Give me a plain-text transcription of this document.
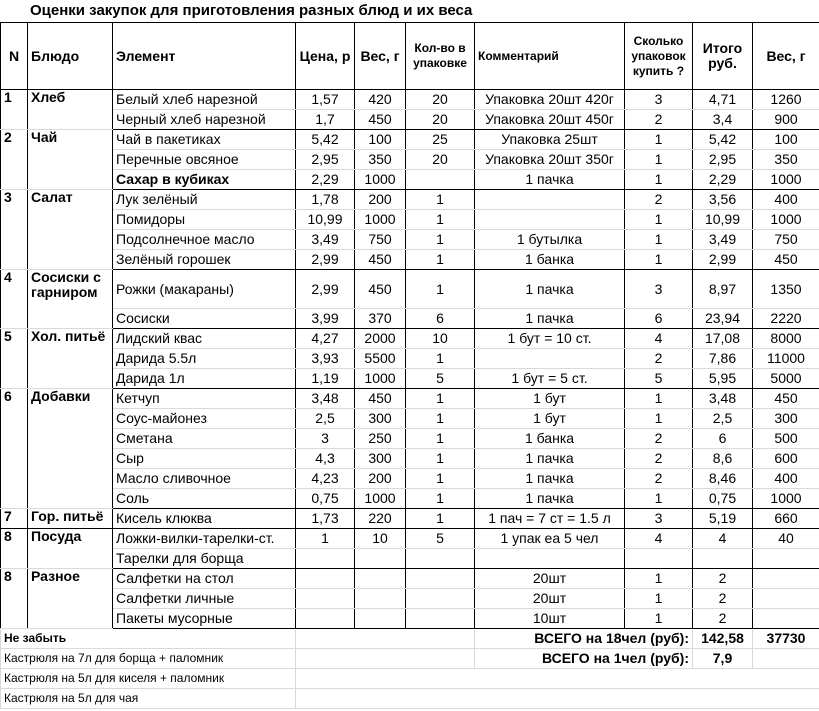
Оценки закупок для приготовления разных блюд и их веса
N	Блюдо	Элемент	Цена, р	Вес, г	Кол-во в упаковке	Комментарий	Сколько упаковок купить ?	Итого руб.	Вес, г
1	Хлеб	Белый хлеб нарезной	1,57	420	20	Упаковка 20шт 420г	3	4,71	1260
		Черный хлеб нарезной	1,7	450	20	Упаковка 20шт 450г	2	3,4	900
2	Чай	Чай в пакетиках	5,42	100	25	Упаковка 25шт	1	5,42	100
		Перечные овсяное	2,95	350	20	Упаковка 20шт 350г	1	2,95	350
		Сахар в кубиках	2,29	1000		1 пачка	1	2,29	1000
3	Салат	Лук зелёный	1,78	200	1		2	3,56	400
		Помидоры	10,99	1000	1		1	10,99	1000
		Подсолнечное масло	3,49	750	1	1 бутылка	1	3,49	750
		Зелёный горошек	2,99	450	1	1 банка	1	2,99	450
4	Сосиски с гарниром	Рожки (макараны)	2,99	450	1	1 пачка	3	8,97	1350
		Сосиски	3,99	370	6	1 пачка	6	23,94	2220
5	Хол. питьё	Лидский квас	4,27	2000	10	1 бут = 10 ст.	4	17,08	8000
		Дарида 5.5л	3,93	5500	1		2	7,86	11000
		Дарида 1л	1,19	1000	5	1 бут = 5 ст.	5	5,95	5000
6	Добавки	Кетчуп	3,48	450	1	1 бут	1	3,48	450
		Соус-майонез	2,5	300	1	1 бут	1	2,5	300
		Сметана	3	250	1	1 банка	2	6	500
		Сыр	4,3	300	1	1 пачка	2	8,6	600
		Масло сливочное	4,23	200	1	1 пачка	2	8,46	400
		Соль	0,75	1000	1	1 пачка	1	0,75	1000
7	Гор. питьё	Кисель клюква	1,73	220	1	1 пач = 7 ст = 1.5 л	3	5,19	660
8	Посуда	Ложки-вилки-тарелки-ст.	1	10	5	1 упак еа 5 чел	4	4	40
		Тарелки для борща							
8	Разное	Салфетки на стол				20шт	1	2	
		Салфетки личные				20шт	1	2	
		Пакеты мусорные				10шт	1	2	
Не забыть						ВСЕГО на 18чел (руб):		142,58	37730
Кастрюля на 7л для борща + паломник						ВСЕГО на 1чел (руб):		7,9	
Кастрюля на 5л для киселя + паломник									
Кастрюля на 5л для чая									
